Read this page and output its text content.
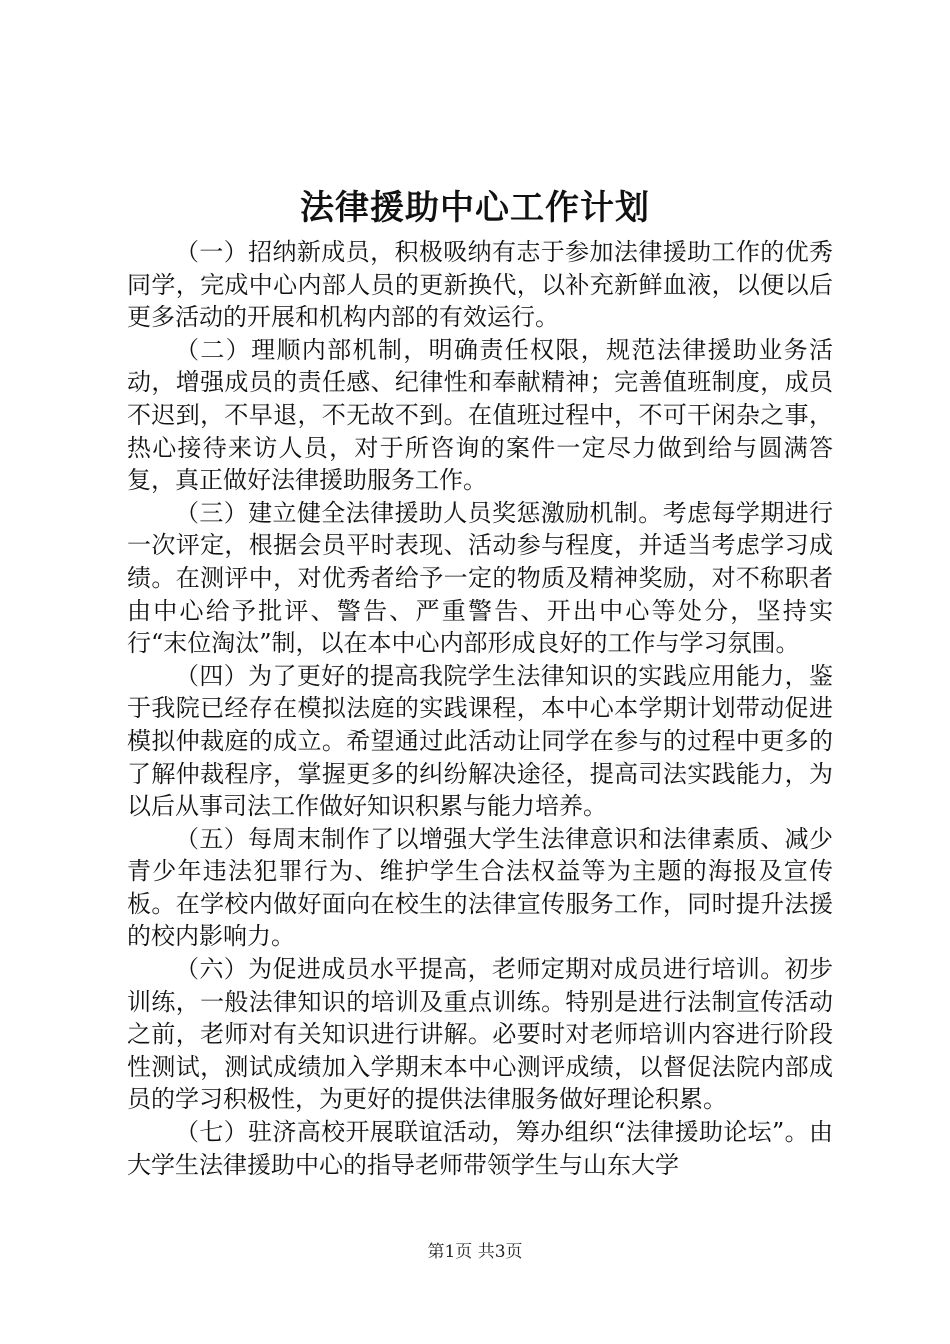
法律援助中心工作计划

（一）招纳新成员，积极吸纳有志于参加法律援助工作的优秀同学，完成中心内部人员的更新换代，以补充新鲜血液，以便以后更多活动的开展和机构内部的有效运行。

（二）理顺内部机制，明确责任权限，规范法律援助业务活动，增强成员的责任感、纪律性和奉献精神；完善值班制度，成员不迟到，不早退，不无故不到。在值班过程中，不可干闲杂之事，热心接待来访人员，对于所咨询的案件一定尽力做到给与圆满答复，真正做好法律援助服务工作。

（三）建立健全法律援助人员奖惩激励机制。考虑每学期进行一次评定，根据会员平时表现、活动参与程度，并适当考虑学习成绩。在测评中，对优秀者给予一定的物质及精神奖励，对不称职者由中心给予批评、警告、严重警告、开出中心等处分，坚持实行“末位淘汰”制，以在本中心内部形成良好的工作与学习氛围。

（四）为了更好的提高我院学生法律知识的实践应用能力，鉴于我院已经存在模拟法庭的实践课程，本中心本学期计划带动促进模拟仲裁庭的成立。希望通过此活动让同学在参与的过程中更多的了解仲裁程序，掌握更多的纠纷解决途径，提高司法实践能力，为以后从事司法工作做好知识积累与能力培养。

（五）每周末制作了以增强大学生法律意识和法律素质、减少青少年违法犯罪行为、维护学生合法权益等为主题的海报及宣传板。在学校内做好面向在校生的法律宣传服务工作，同时提升法援的校内影响力。

（六）为促进成员水平提高，老师定期对成员进行培训。初步训练，一般法律知识的培训及重点训练。特别是进行法制宣传活动之前，老师对有关知识进行讲解。必要时对老师培训内容进行阶段性测试，测试成绩加入学期末本中心测评成绩，以督促法院内部成员的学习积极性，为更好的提供法律服务做好理论积累。

（七）驻济高校开展联谊活动，筹办组织“法律援助论坛”。由大学生法律援助中心的指导老师带领学生与山东大学

第1页 共3页
